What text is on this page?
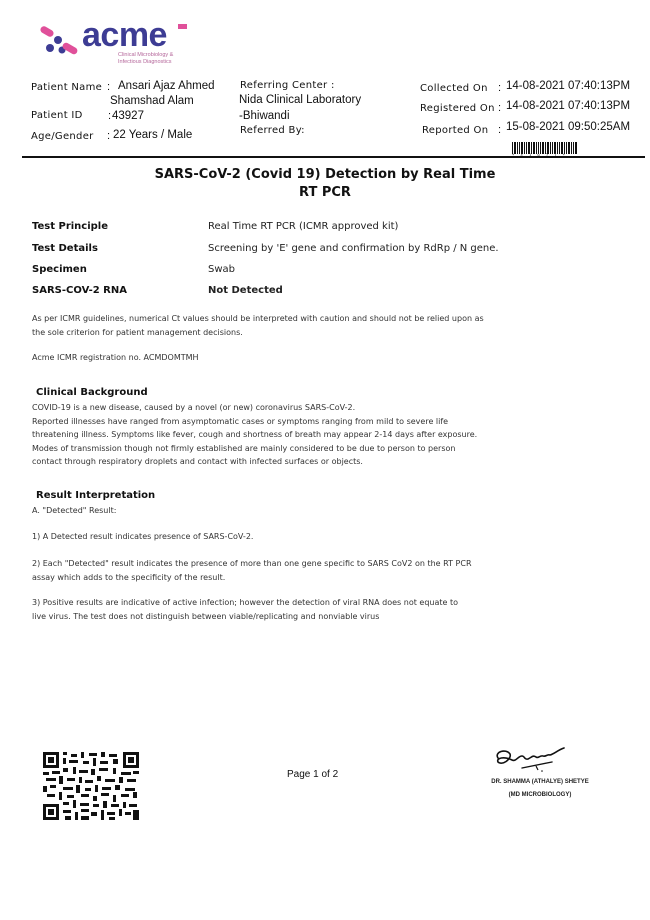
acme
Clinical Microbiology &
Infectious Diagnostics
Patient Name : Ansari Ajaz Ahmed
Shamshad Alam
Patient ID : 43927
Age/Gender : 22 Years / Male
Referring Center :
Nida Clinical Laboratory
-Bhiwandi
Referred By:
Collected On : 14-08-2021 07:40:13PM
Registered On : 14-08-2021 07:40:13PM
Reported On : 15-08-2021 09:50:25AM
SARS-CoV-2 (Covid 19) Detection by Real Time
RT PCR
Test Principle	Real Time RT PCR (ICMR approved kit)
Test Details	Screening by 'E' gene and confirmation by RdRp / N gene.
Specimen	Swab
SARS-COV-2 RNA	Not Detected
As per ICMR guidelines, numerical Ct values should be interpreted with caution and should not be relied upon as
the sole criterion for patient management decisions.
Acme ICMR registration no. ACMDOMTMH
Clinical Background
COVID-19 is a new disease, caused by a novel (or new) coronavirus SARS-CoV-2.
Reported illnesses have ranged from asymptomatic cases or symptoms ranging from mild to severe life
threatening illness. Symptoms like fever, cough and shortness of breath may appear 2-14 days after exposure.
Modes of transmission though not firmly established are mainly considered to be due to person to person
contact through respiratory droplets and contact with infected surfaces or objects.
Result Interpretation
A. "Detected" Result:
1) A Detected result indicates presence of SARS-CoV-2.
2) Each "Detected" result indicates the presence of more than one gene specific to SARS CoV2 on the RT PCR
assay which adds to the specificity of the result.
3) Positive results are indicative of active infection; however the detection of viral RNA does not equate to
live virus. The test does not distinguish between viable/replicating and nonviable virus
Page 1 of 2
DR. SHAMMA (ATHALYE) SHETYE
(MD MICROBIOLOGY)
